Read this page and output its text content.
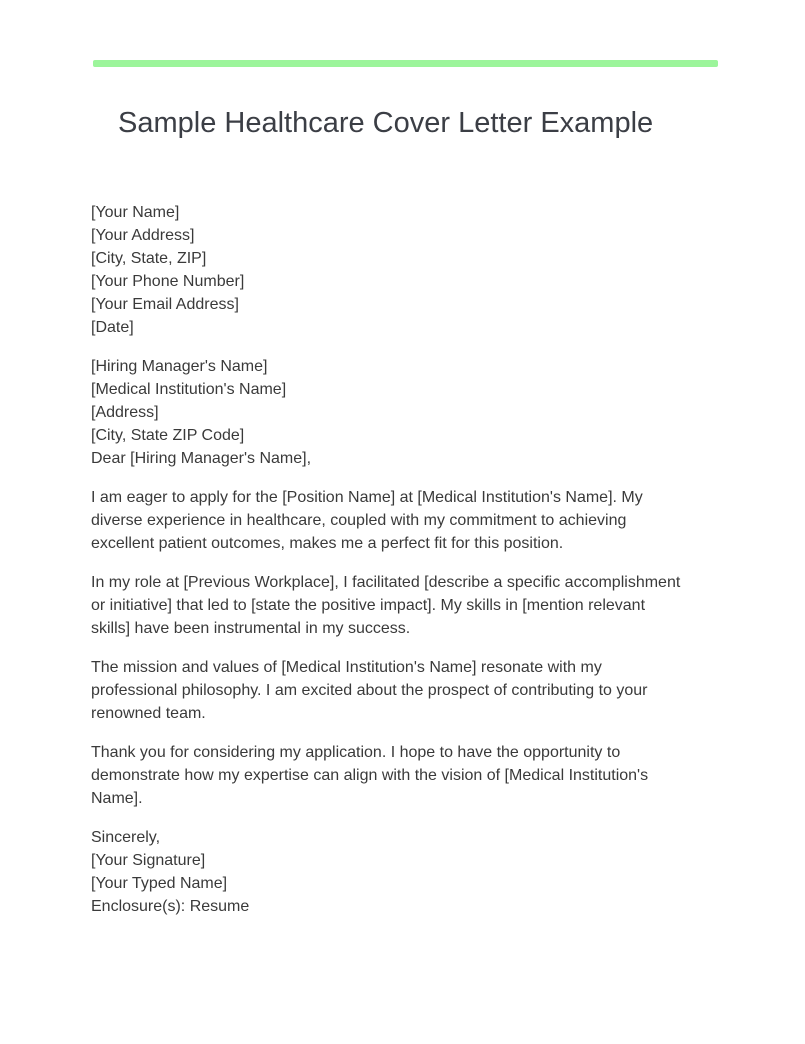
Sample Healthcare Cover Letter Example
[Your Name]
[Your Address]
[City, State, ZIP]
[Your Phone Number]
[Your Email Address]
[Date]
[Hiring Manager's Name]
[Medical Institution's Name]
[Address]
[City, State ZIP Code]
Dear [Hiring Manager's Name],
I am eager to apply for the [Position Name] at [Medical Institution's Name]. My
diverse experience in healthcare, coupled with my commitment to achieving
excellent patient outcomes, makes me a perfect fit for this position.
In my role at [Previous Workplace], I facilitated [describe a specific accomplishment
or initiative] that led to [state the positive impact]. My skills in [mention relevant
skills] have been instrumental in my success.
The mission and values of [Medical Institution's Name] resonate with my
professional philosophy. I am excited about the prospect of contributing to your
renowned team.
Thank you for considering my application. I hope to have the opportunity to
demonstrate how my expertise can align with the vision of [Medical Institution's
Name].
Sincerely,
[Your Signature]
[Your Typed Name]
Enclosure(s): Resume
